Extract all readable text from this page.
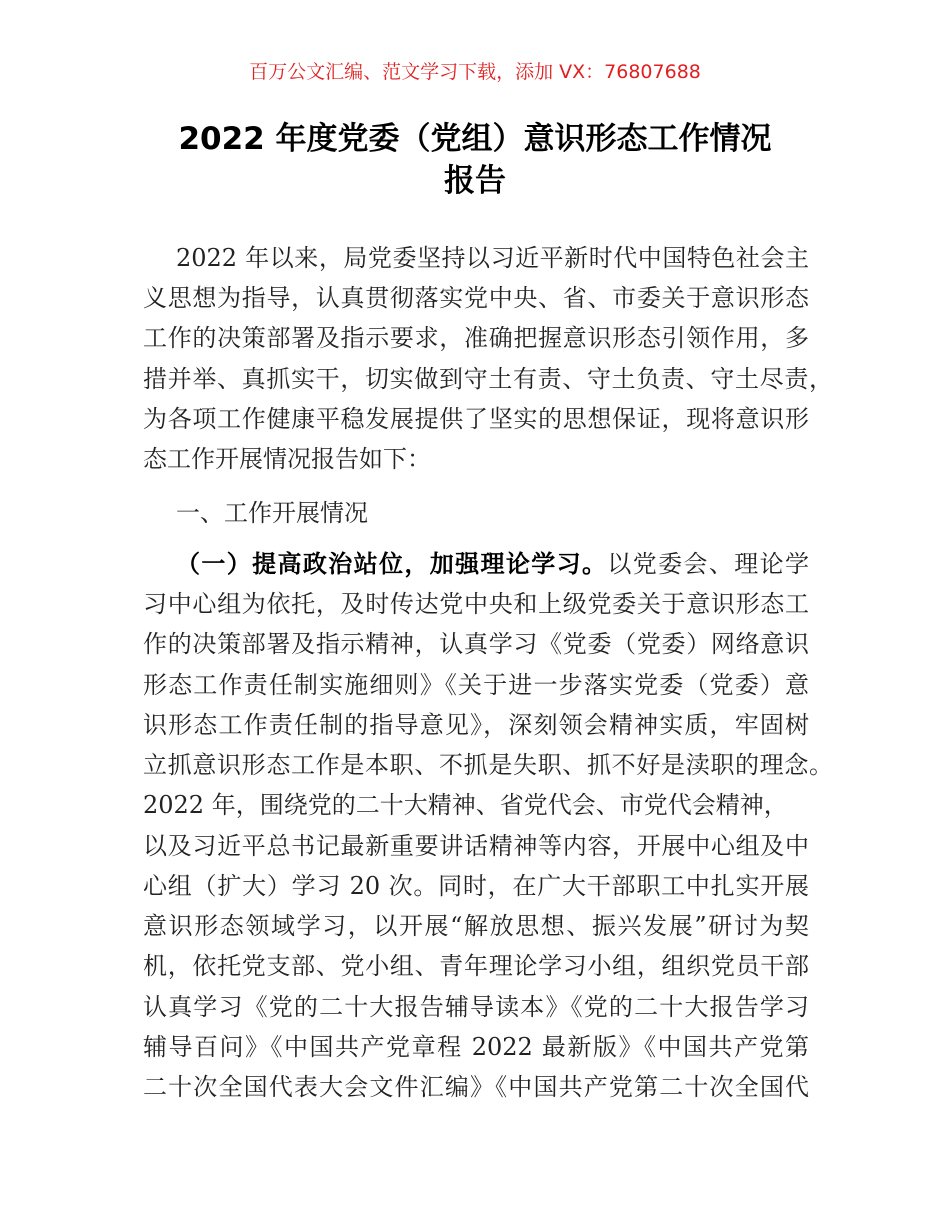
百万公文汇编、范文学习下载，添加 VX：76807688
2022 年度党委（党组）意识形态工作情况
报告
2022 年以来，局党委坚持以习近平新时代中国特色社会主
义思想为指导，认真贯彻落实党中央、省、市委关于意识形态
工作的决策部署及指示要求，准确把握意识形态引领作用，多
措并举、真抓实干，切实做到守土有责、守土负责、守土尽责，
为各项工作健康平稳发展提供了坚实的思想保证，现将意识形
态工作开展情况报告如下：
一、工作开展情况
（一）提高政治站位，加强理论学习。以党委会、理论学
习中心组为依托，及时传达党中央和上级党委关于意识形态工
作的决策部署及指示精神，认真学习《党委（党委）网络意识
形态工作责任制实施细则》《关于进一步落实党委（党委）意
识形态工作责任制的指导意见》，深刻领会精神实质，牢固树
立抓意识形态工作是本职、不抓是失职、抓不好是渎职的理念。
2022 年，围绕党的二十大精神、省党代会、市党代会精神，
以及习近平总书记最新重要讲话精神等内容，开展中心组及中
心组（扩大）学习 20 次。同时，在广大干部职工中扎实开展
意识形态领域学习，以开展“解放思想、振兴发展”研讨为契
机，依托党支部、党小组、青年理论学习小组，组织党员干部
认真学习《党的二十大报告辅导读本》《党的二十大报告学习
辅导百问》《中国共产党章程 2022 最新版》《中国共产党第
二十次全国代表大会文件汇编》《中国共产党第二十次全国代
